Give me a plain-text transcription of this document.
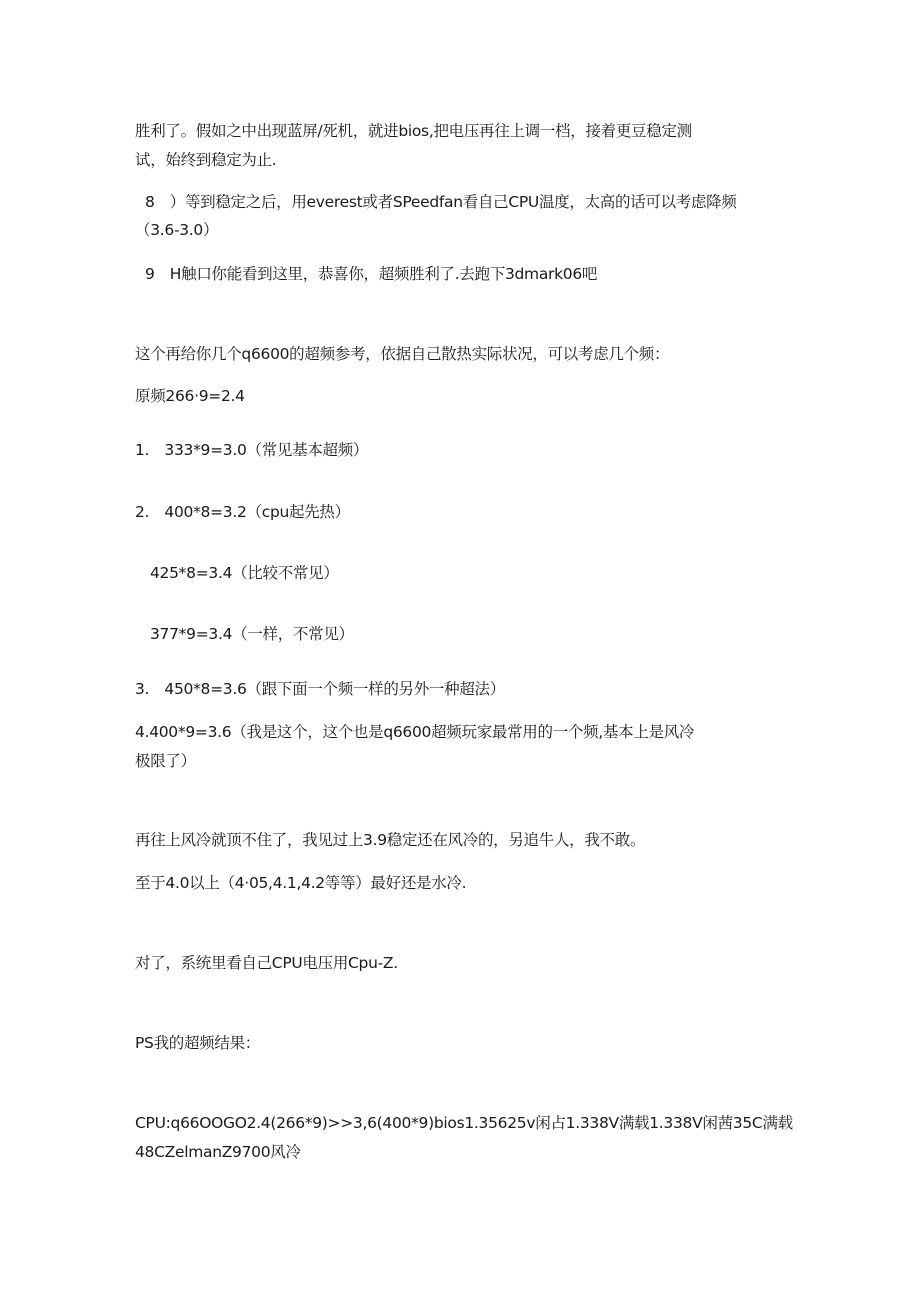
胜利了。假如之中出现蓝屏/死机，就进bios,把电压再往上调一档，接着更豆稳定测
试，始终到稳定为止.
8　）等到稳定之后，用everest或者SPeedfan看自己CPU温度，太高的话可以考虑降频
（3.6-3.0）
9　H触口你能看到这里，恭喜你，超频胜利了.去跑下3dmark06吧
这个再给你几个q6600的超频参考，依据自己散热实际状况，可以考虑几个频：
原频266·9=2.4
1.　333*9=3.0（常见基本超频）
2.　400*8=3.2（cpu起先热）
425*8=3.4（比较不常见）
377*9=3.4（一样，不常见）
3.　450*8=3.6（跟下面一个频一样的另外一种超法）
4.400*9=3.6（我是这个，这个也是q6600超频玩家最常用的一个频,基本上是风冷
极限了）
再往上风冷就顶不住了，我见过上3.9稳定还在风冷的，另追牛人，我不敢。
至于4.0以上（4·05,4.1,4.2等等）最好还是水冷.
对了，系统里看自己CPU电压用Cpu-Z.
PS我的超频结果：
CPU:q66OOGO2.4(266*9)>>3,6(400*9)bios1.35625v闲占1.338V满载1.338V闲茜35C满载
48CZelmanZ9700风冷
